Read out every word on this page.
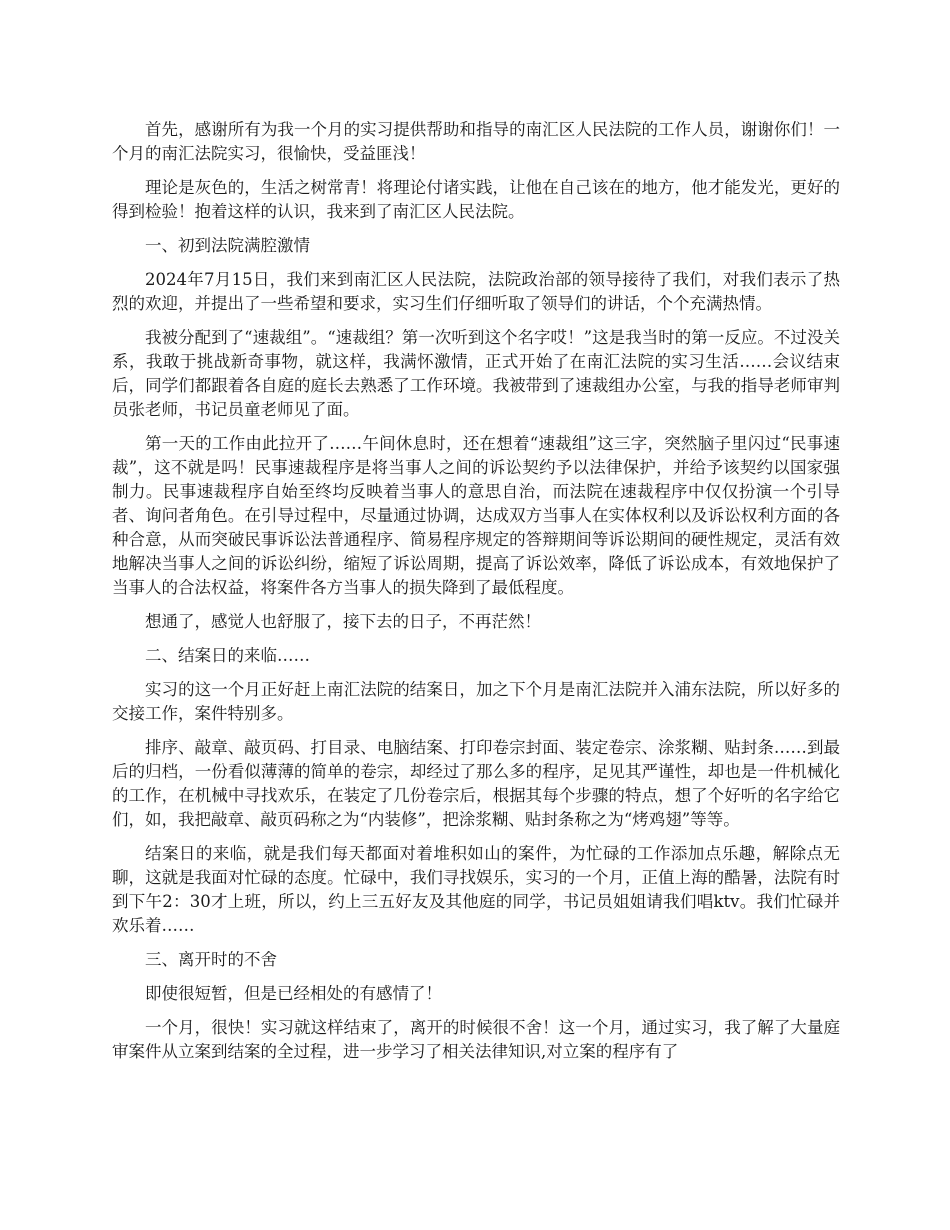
首先，感谢所有为我一个月的实习提供帮助和指导的南汇区人民法院的工作人员，谢谢你们！一个月的南汇法院实习，很愉快，受益匪浅！

理论是灰色的，生活之树常青！将理论付诸实践，让他在自己该在的地方，他才能发光，更好的得到检验！抱着这样的认识，我来到了南汇区人民法院。

一、初到法院满腔激情

2024年7月15日，我们来到南汇区人民法院，法院政治部的领导接待了我们，对我们表示了热烈的欢迎，并提出了一些希望和要求，实习生们仔细听取了领导们的讲话，个个充满热情。

我被分配到了“速裁组”。“速裁组？第一次听到这个名字哎！”这是我当时的第一反应。不过没关系，我敢于挑战新奇事物，就这样，我满怀激情，正式开始了在南汇法院的实习生活……会议结束后，同学们都跟着各自庭的庭长去熟悉了工作环境。我被带到了速裁组办公室，与我的指导老师审判员张老师，书记员童老师见了面。

第一天的工作由此拉开了……午间休息时，还在想着“速裁组”这三字，突然脑子里闪过“民事速裁”，这不就是吗！民事速裁程序是将当事人之间的诉讼契约予以法律保护，并给予该契约以国家强制力。民事速裁程序自始至终均反映着当事人的意思自治，而法院在速裁程序中仅仅扮演一个引导者、询问者角色。在引导过程中，尽量通过协调，达成双方当事人在实体权利以及诉讼权利方面的各种合意，从而突破民事诉讼法普通程序、简易程序规定的答辩期间等诉讼期间的硬性规定，灵活有效地解决当事人之间的诉讼纠纷，缩短了诉讼周期，提高了诉讼效率，降低了诉讼成本，有效地保护了当事人的合法权益，将案件各方当事人的损失降到了最低程度。

想通了，感觉人也舒服了，接下去的日子，不再茫然！

二、结案日的来临……

实习的这一个月正好赶上南汇法院的结案日，加之下个月是南汇法院并入浦东法院，所以好多的交接工作，案件特别多。

排序、敲章、敲页码、打目录、电脑结案、打印卷宗封面、装定卷宗、涂浆糊、贴封条……到最后的归档，一份看似薄薄的简单的卷宗，却经过了那么多的程序，足见其严谨性，却也是一件机械化的工作，在机械中寻找欢乐，在装定了几份卷宗后，根据其每个步骤的特点，想了个好听的名字给它们，如，我把敲章、敲页码称之为“内装修”，把涂浆糊、贴封条称之为“烤鸡翅”等等。

结案日的来临，就是我们每天都面对着堆积如山的案件，为忙碌的工作添加点乐趣，解除点无聊，这就是我面对忙碌的态度。忙碌中，我们寻找娱乐，实习的一个月，正值上海的酷暑，法院有时到下午2：30才上班，所以，约上三五好友及其他庭的同学，书记员姐姐请我们唱ktv。我们忙碌并欢乐着……

三、离开时的不舍

即使很短暂，但是已经相处的有感情了！

一个月，很快！实习就这样结束了，离开的时候很不舍！这一个月，通过实习，我了解了大量庭审案件从立案到结案的全过程，进一步学习了相关法律知识,对立案的程序有了
